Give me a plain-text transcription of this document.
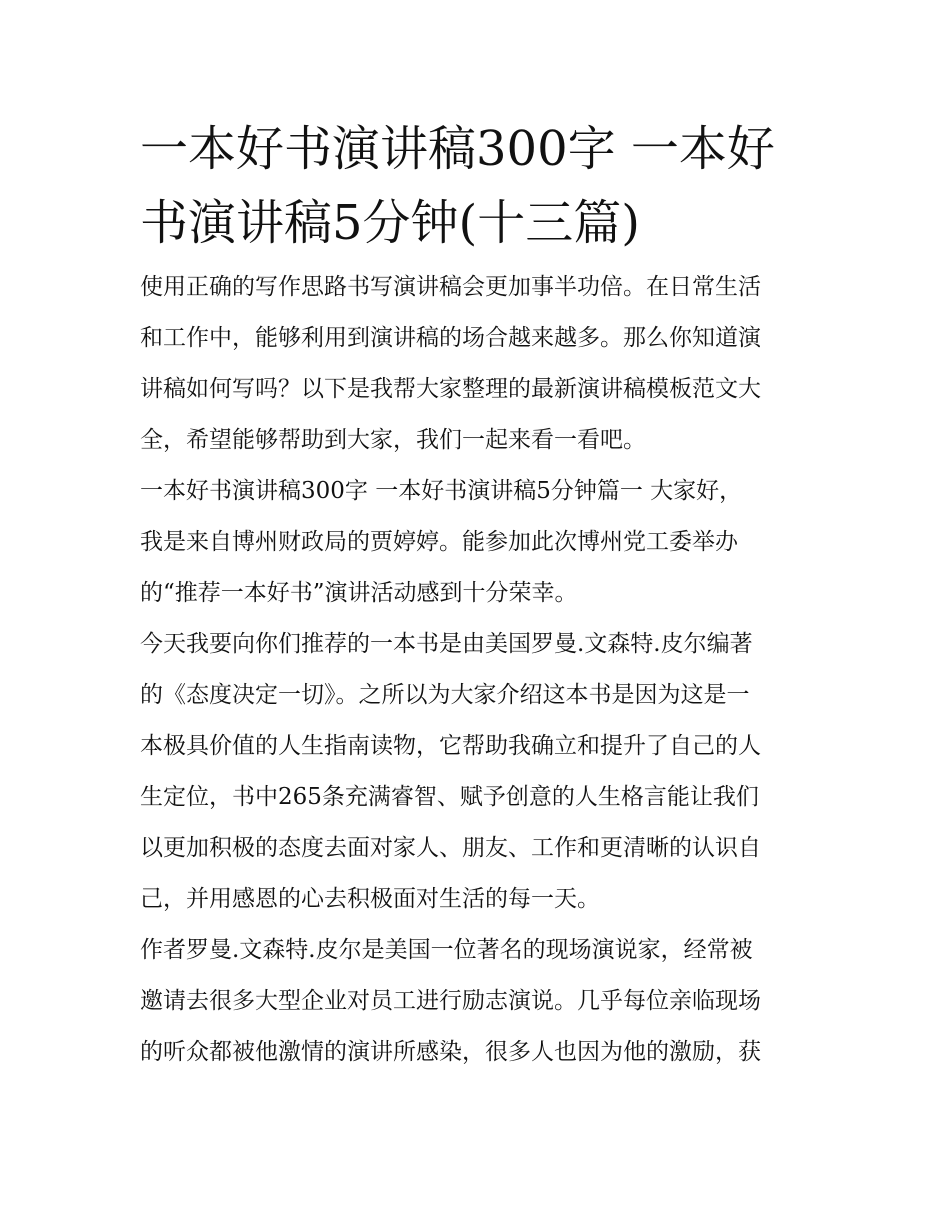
一本好书演讲稿300字 一本好
书演讲稿5分钟(十三篇)

使用正确的写作思路书写演讲稿会更加事半功倍。在日常生活
和工作中，能够利用到演讲稿的场合越来越多。那么你知道演
讲稿如何写吗？以下是我帮大家整理的最新演讲稿模板范文大
全，希望能够帮助到大家，我们一起来看一看吧。

一本好书演讲稿300字 一本好书演讲稿5分钟篇一 大家好，
我是来自博州财政局的贾婷婷。能参加此次博州党工委举办
的“推荐一本好书”演讲活动感到十分荣幸。

今天我要向你们推荐的一本书是由美国罗曼.文森特.皮尔编著
的《态度决定一切》。之所以为大家介绍这本书是因为这是一
本极具价值的人生指南读物，它帮助我确立和提升了自己的人
生定位，书中265条充满睿智、赋予创意的人生格言能让我们
以更加积极的态度去面对家人、朋友、工作和更清晰的认识自
己，并用感恩的心去积极面对生活的每一天。

作者罗曼.文森特.皮尔是美国一位著名的现场演说家，经常被
邀请去很多大型企业对员工进行励志演说。几乎每位亲临现场
的听众都被他激情的演讲所感染，很多人也因为他的激励，获
